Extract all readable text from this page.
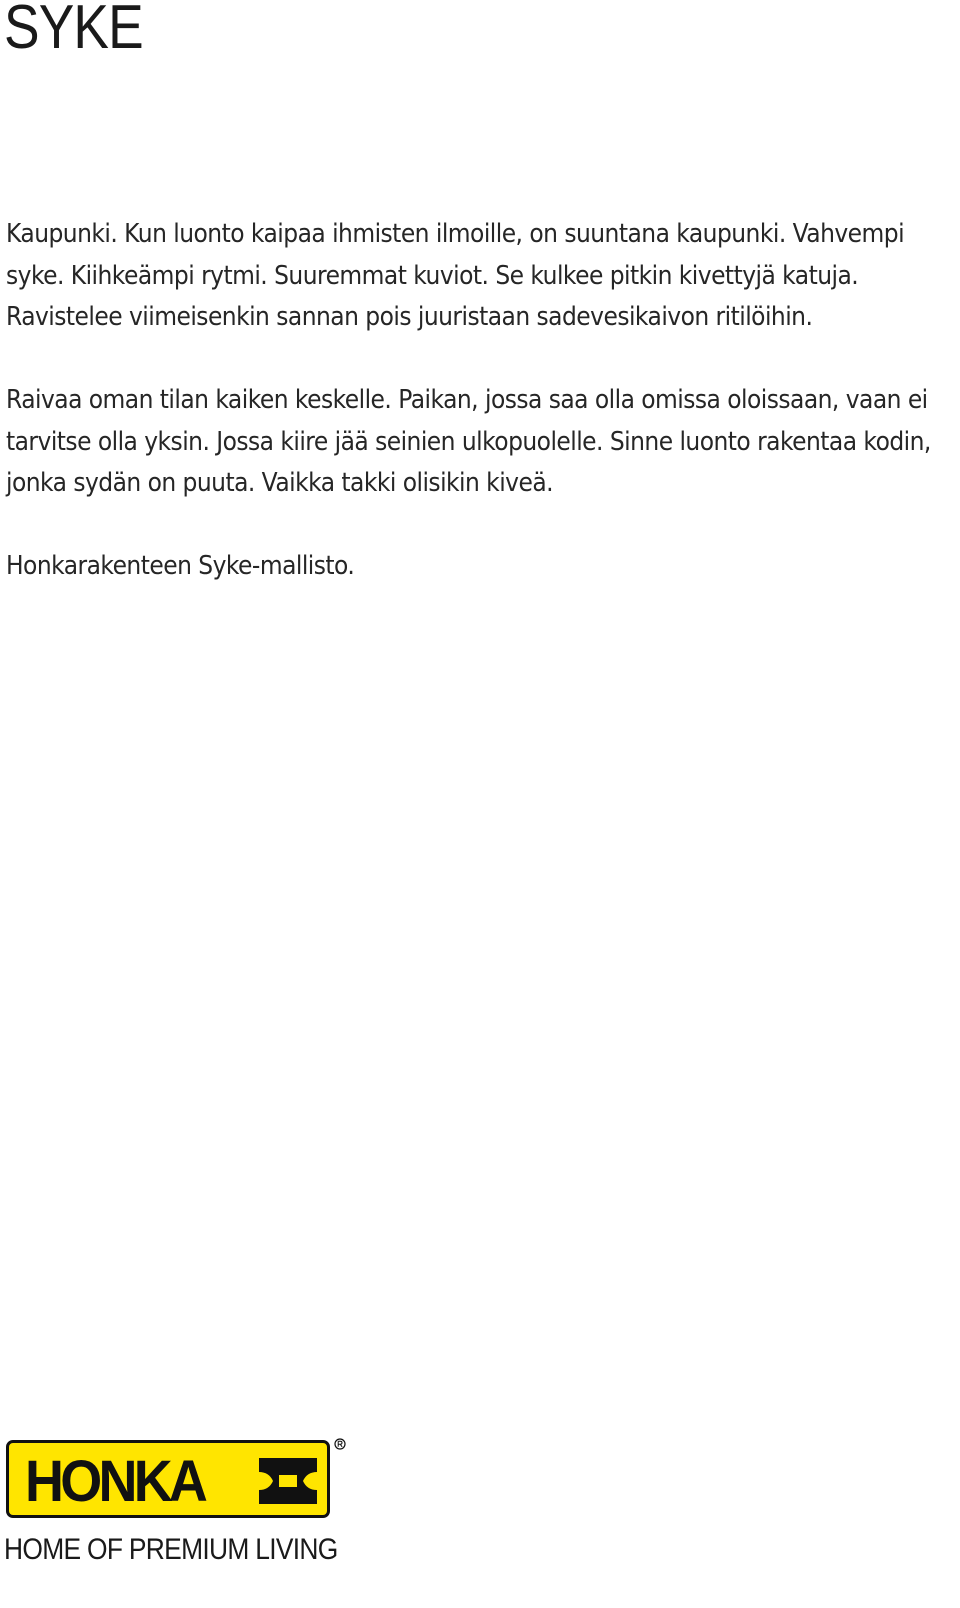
SYKE

Kaupunki. Kun luonto kaipaa ihmisten ilmoille, on suuntana kaupunki. Vahvempi syke. Kiihkeämpi rytmi. Suuremmat kuviot. Se kulkee pitkin kivettyjä katuja. Ravistelee viimeisenkin sannan pois juuristaan sadevesikaivon ritilöihin.

Raivaa oman tilan kaiken keskelle. Paikan, jossa saa olla omissa oloissaan, vaan ei tarvitse olla yksin. Jossa kiire jää seinien ulkopuolelle. Sinne luonto rakentaa kodin, jonka sydän on puuta. Vaikka takki olisikin kiveä.

Honkarakenteen Syke-mallisto.

HONKA

HOME OF PREMIUM LIVING
